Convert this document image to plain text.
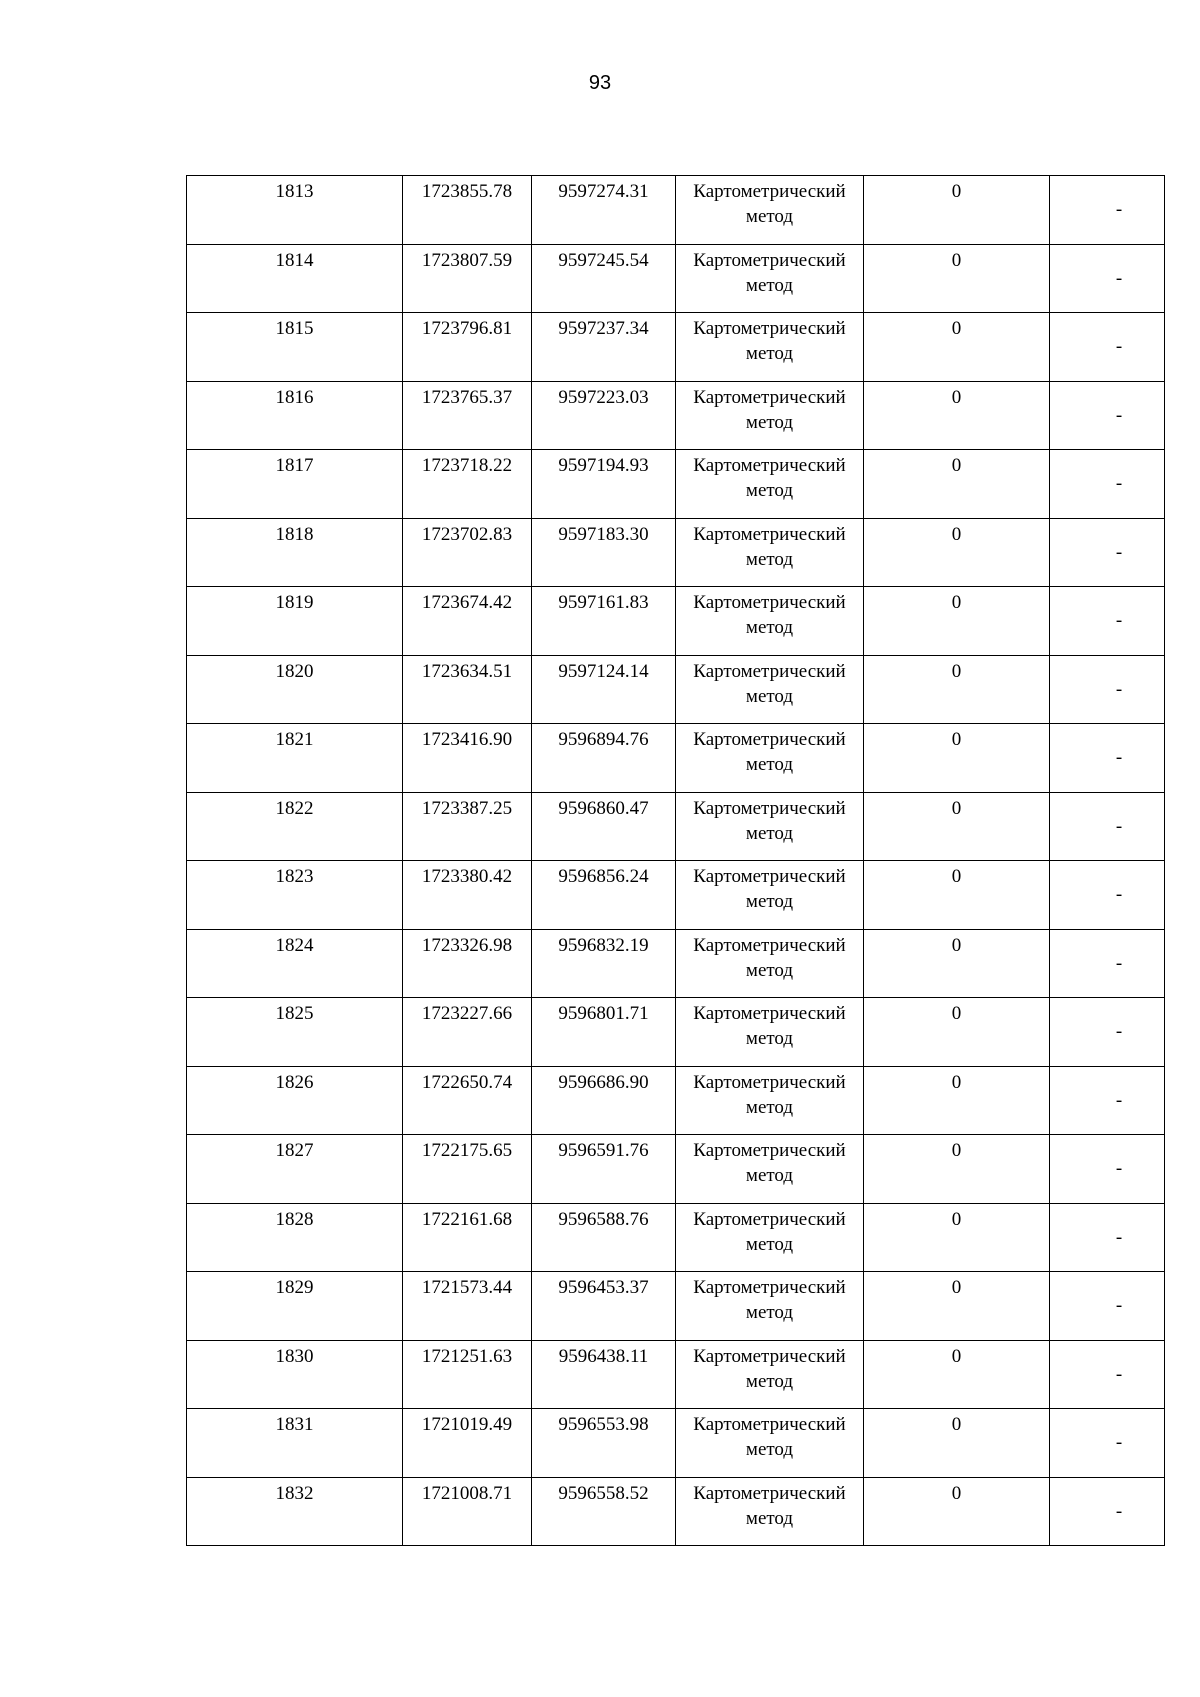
93
1813	1723855.78	9597274.31	Картометрический метод	0	-

1814	1723807.59	9597245.54	Картометрический метод	0	-

1815	1723796.81	9597237.34	Картометрический метод	0	-

1816	1723765.37	9597223.03	Картометрический метод	0	-

1817	1723718.22	9597194.93	Картометрический метод	0	-

1818	1723702.83	9597183.30	Картометрический метод	0	-

1819	1723674.42	9597161.83	Картометрический метод	0	-

1820	1723634.51	9597124.14	Картометрический метод	0	-

1821	1723416.90	9596894.76	Картометрический метод	0	-

1822	1723387.25	9596860.47	Картометрический метод	0	-

1823	1723380.42	9596856.24	Картометрический метод	0	-

1824	1723326.98	9596832.19	Картометрический метод	0	-

1825	1723227.66	9596801.71	Картометрический метод	0	-

1826	1722650.74	9596686.90	Картометрический метод	0	-

1827	1722175.65	9596591.76	Картометрический метод	0	-

1828	1722161.68	9596588.76	Картометрический метод	0	-

1829	1721573.44	9596453.37	Картометрический метод	0	-

1830	1721251.63	9596438.11	Картометрический метод	0	-

1831	1721019.49	9596553.98	Картометрический метод	0	-

1832	1721008.71	9596558.52	Картометрический метод	0	-
